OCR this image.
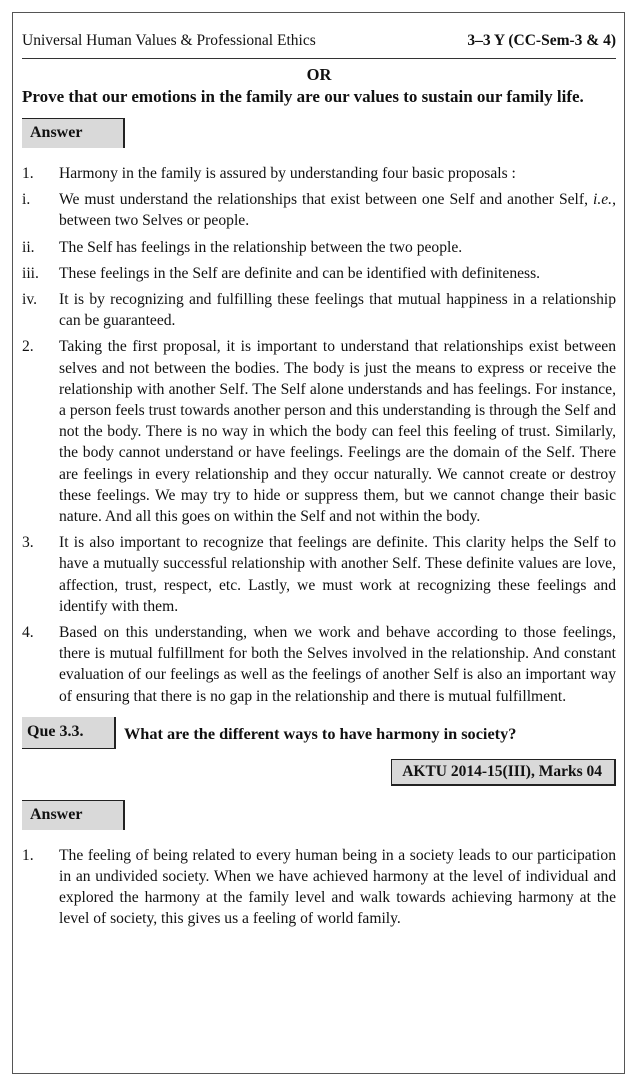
Universal Human Values & Professional Ethics	3–3 Y (CC-Sem-3 & 4)
OR
Prove that our emotions in the family are our values to sustain our family life.
Answer
1.	Harmony in the family is assured by understanding four basic proposals :
i.	We must understand the relationships that exist between one Self and another Self, i.e., between two Selves or people.
ii.	The Self has feelings in the relationship between the two people.
iii.	These feelings in the Self are definite and can be identified with definiteness.
iv.	It is by recognizing and fulfilling these feelings that mutual happiness in a relationship can be guaranteed.
2.	Taking the first proposal, it is important to understand that relationships exist between selves and not between the bodies. The body is just the means to express or receive the relationship with another Self. The Self alone understands and has feelings. For instance, a person feels trust towards another person and this understanding is through the Self and not the body. There is no way in which the body can feel this feeling of trust. Similarly, the body cannot understand or have feelings. Feelings are the domain of the Self. There are feelings in every relationship and they occur naturally. We cannot create or destroy these feelings. We may try to hide or suppress them, but we cannot change their basic nature. And all this goes on within the Self and not within the body.
3.	It is also important to recognize that feelings are definite. This clarity helps the Self to have a mutually successful relationship with another Self. These definite values are love, affection, trust, respect, etc. Lastly, we must work at recognizing these feelings and identify with them.
4.	Based on this understanding, when we work and behave according to those feelings, there is mutual fulfillment for both the Selves involved in the relationship. And constant evaluation of our feelings as well as the feelings of another Self is also an important way of ensuring that there is no gap in the relationship and there is mutual fulfillment.
Que 3.3.	What are the different ways to have harmony in society?
AKTU 2014-15(III), Marks 04
Answer
1.	The feeling of being related to every human being in a society leads to our participation in an undivided society. When we have achieved harmony at the level of individual and explored the harmony at the family level and walk towards achieving harmony at the level of society, this gives us a feeling of world family.
